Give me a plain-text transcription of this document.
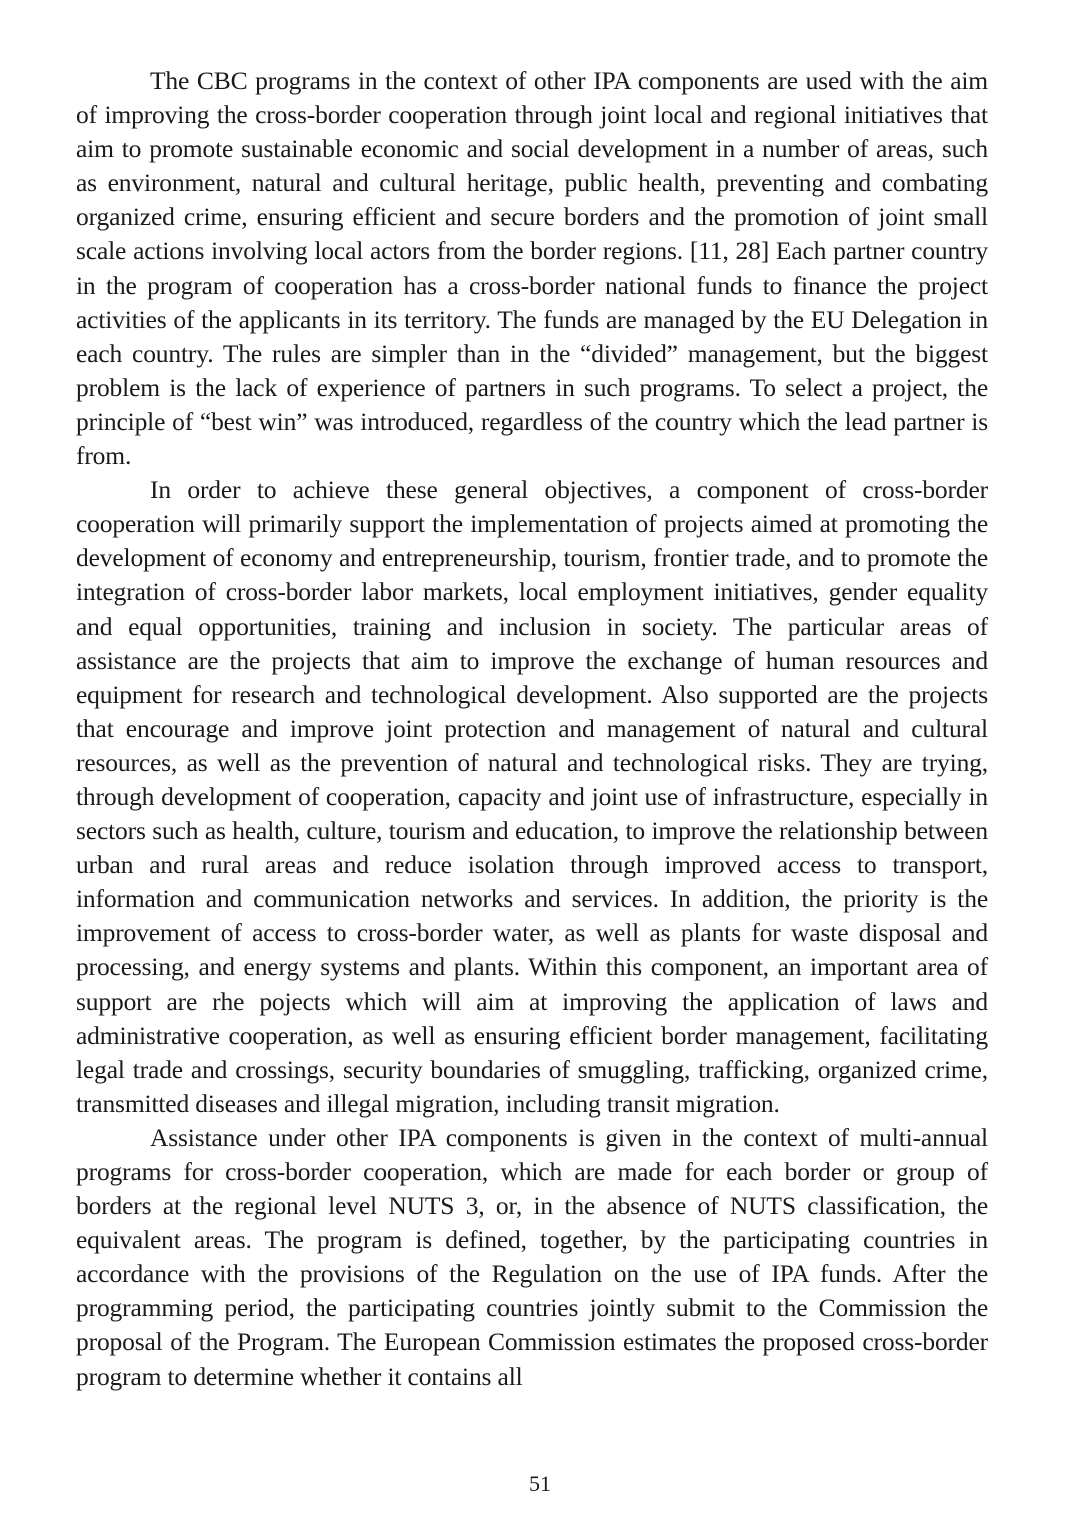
The CBC programs in the context of other IPA components are used with the aim of improving the cross-border cooperation through joint local and regional initiatives that aim to promote sustainable economic and social development in a number of areas, such as environment, natural and cultural heritage, public health, preventing and combating organized crime, ensuring efficient and secure borders and the promotion of joint small scale actions involving local actors from the border regions. [11, 28] Each partner country in the program of cooperation has a cross-border national funds to finance the project activities of the applicants in its territory. The funds are managed by the EU Delegation in each country. The rules are simpler than in the “divided” management, but the biggest problem is the lack of experience of partners in such programs. To select a project, the principle of “best win” was introduced, regardless of the country which the lead partner is from.

In order to achieve these general objectives, a component of cross-border cooperation will primarily support the implementation of projects aimed at promoting the development of economy and entrepreneurship, tourism, frontier trade, and to promote the integration of cross-border labor markets, local employment initiatives, gender equality and equal opportunities, training and inclusion in society. The particular areas of assistance are the projects that aim to improve the exchange of human resources and equipment for research and technological development. Also supported are the projects that encourage and improve joint protection and management of natural and cultural resources, as well as the prevention of natural and technological risks. They are trying, through development of cooperation, capacity and joint use of infrastructure, especially in sectors such as health, culture, tourism and education, to improve the relationship between urban and rural areas and reduce isolation through improved access to transport, information and communication networks and services. In addition, the priority is the improvement of access to cross-border water, as well as plants for waste disposal and processing, and energy systems and plants. Within this component, an important area of support are rhe pojects which will aim at improving the application of laws and administrative cooperation, as well as ensuring efficient border management, facilitating legal trade and crossings, security boundaries of smuggling, trafficking, organized crime, transmitted diseases and illegal migration, including transit migration.

Assistance under other IPA components is given in the context of multi-annual programs for cross-border cooperation, which are made for each border or group of borders at the regional level NUTS 3, or, in the absence of NUTS classification, the equivalent areas. The program is defined, together, by the participating countries in accordance with the provisions of the Regulation on the use of IPA funds. After the programming period, the participating countries jointly submit to the Commission the proposal of the Program. The European Commission estimates the proposed cross-border program to determine whether it contains all

51
